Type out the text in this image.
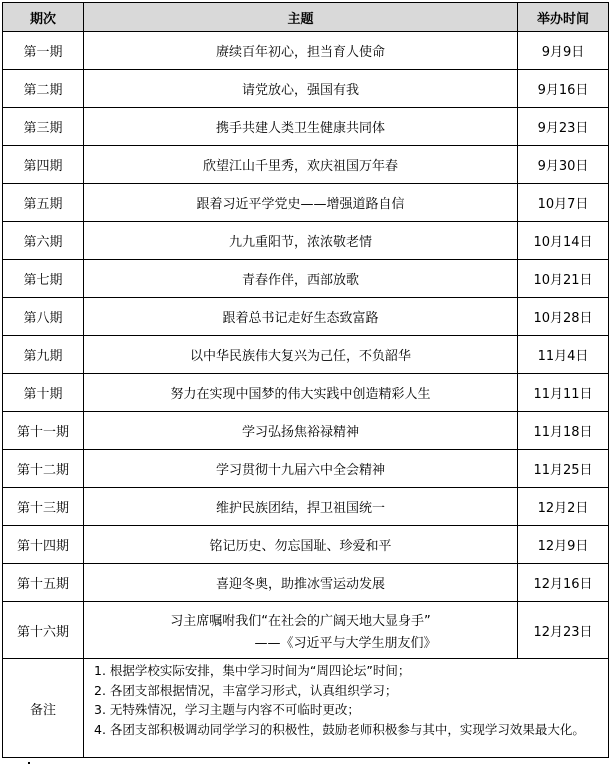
期次	主题	举办时间
第一期	赓续百年初心，担当育人使命	9月9日
第二期	请党放心，强国有我	9月16日
第三期	携手共建人类卫生健康共同体	9月23日
第四期	欣望江山千里秀，欢庆祖国万年春	9月30日
第五期	跟着习近平学党史——增强道路自信	10月7日
第六期	九九重阳节，浓浓敬老情	10月14日
第七期	青春作伴，西部放歌	10月21日
第八期	跟着总书记走好生态致富路	10月28日
第九期	以中华民族伟大复兴为己任，不负韶华	11月4日
第十期	努力在实现中国梦的伟大实践中创造精彩人生	11月11日
第十一期	学习弘扬焦裕禄精神	11月18日
第十二期	学习贯彻十九届六中全会精神	11月25日
第十三期	维护民族团结，捍卫祖国统一	12月2日
第十四期	铭记历史、勿忘国耻、珍爱和平	12月9日
第十五期	喜迎冬奥，助推冰雪运动发展	12月16日
第十六期	习主席嘱咐我们“在社会的广阔天地大显身手”
——《习近平与大学生朋友们》	12月23日
备注	1. 根据学校实际安排，集中学习时间为“周四论坛”时间；
2. 各团支部根据情况，丰富学习形式，认真组织学习；
3. 无特殊情况，学习主题与内容不可临时更改；
4. 各团支部积极调动同学学习的积极性，鼓励老师积极参与其中，实现学习效果最大化。	
